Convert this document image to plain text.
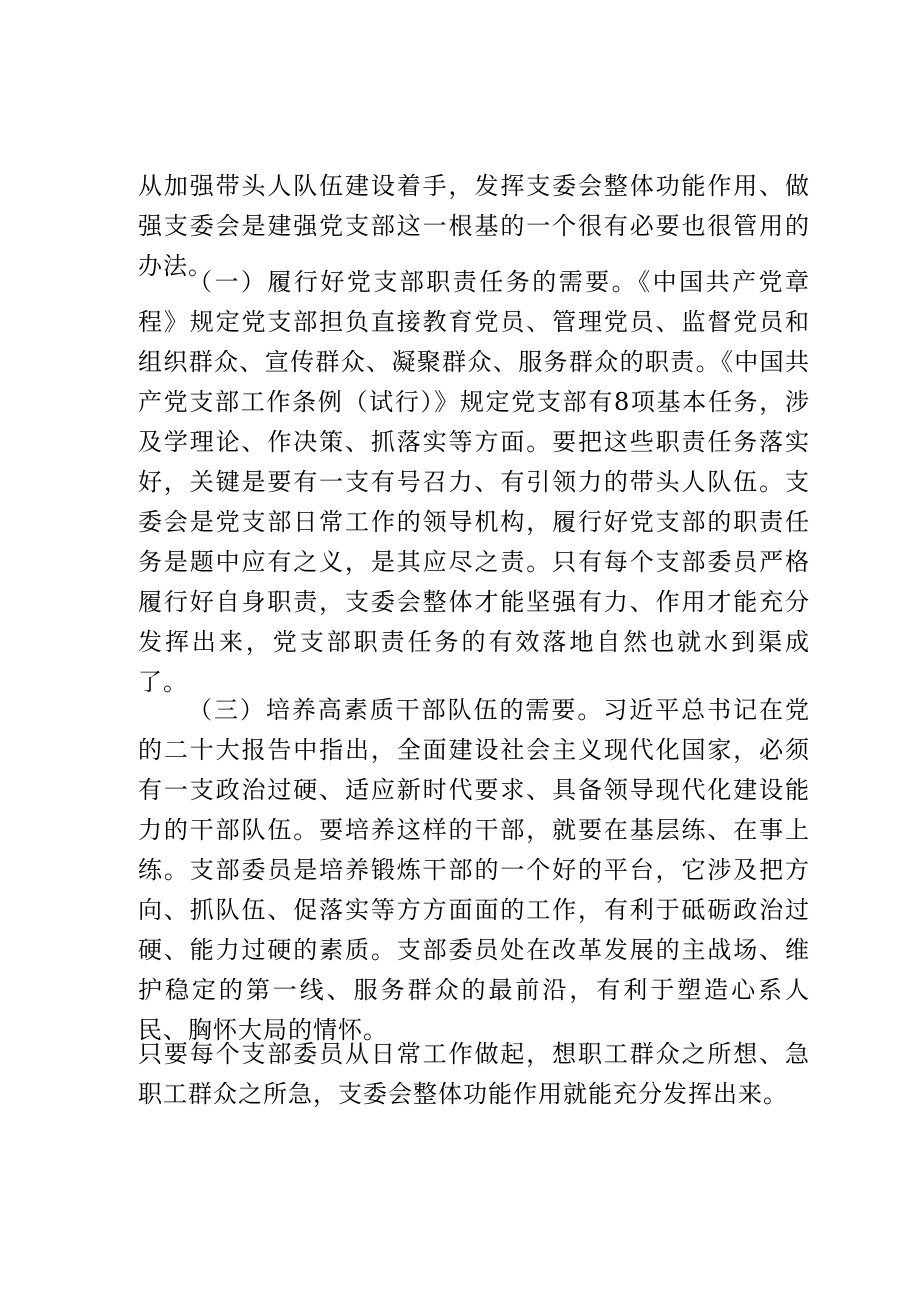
从加强带头人队伍建设着手，发挥支委会整体功能作用、做强支委会是建强党支部这一根基的一个很有必要也很管用的办法。

（一）履行好党支部职责任务的需要。《中国共产党章程》规定党支部担负直接教育党员、管理党员、监督党员和组织群众、宣传群众、凝聚群众、服务群众的职责。《中国共产党支部工作条例（试行）》规定党支部有8项基本任务，涉及学理论、作决策、抓落实等方面。要把这些职责任务落实好，关键是要有一支有号召力、有引领力的带头人队伍。支委会是党支部日常工作的领导机构，履行好党支部的职责任务是题中应有之义，是其应尽之责。只有每个支部委员严格履行好自身职责，支委会整体才能坚强有力、作用才能充分发挥出来，党支部职责任务的有效落地自然也就水到渠成了。

（三）培养高素质干部队伍的需要。习近平总书记在党的二十大报告中指出，全面建设社会主义现代化国家，必须有一支政治过硬、适应新时代要求、具备领导现代化建设能力的干部队伍。要培养这样的干部，就要在基层练、在事上练。支部委员是培养锻炼干部的一个好的平台，它涉及把方向、抓队伍、促落实等方方面面的工作，有利于砥砺政治过硬、能力过硬的素质。支部委员处在改革发展的主战场、维护稳定的第一线、服务群众的最前沿，有利于塑造心系人民、胸怀大局的情怀。

只要每个支部委员从日常工作做起，想职工群众之所想、急职工群众之所急，支委会整体功能作用就能充分发挥出来。
